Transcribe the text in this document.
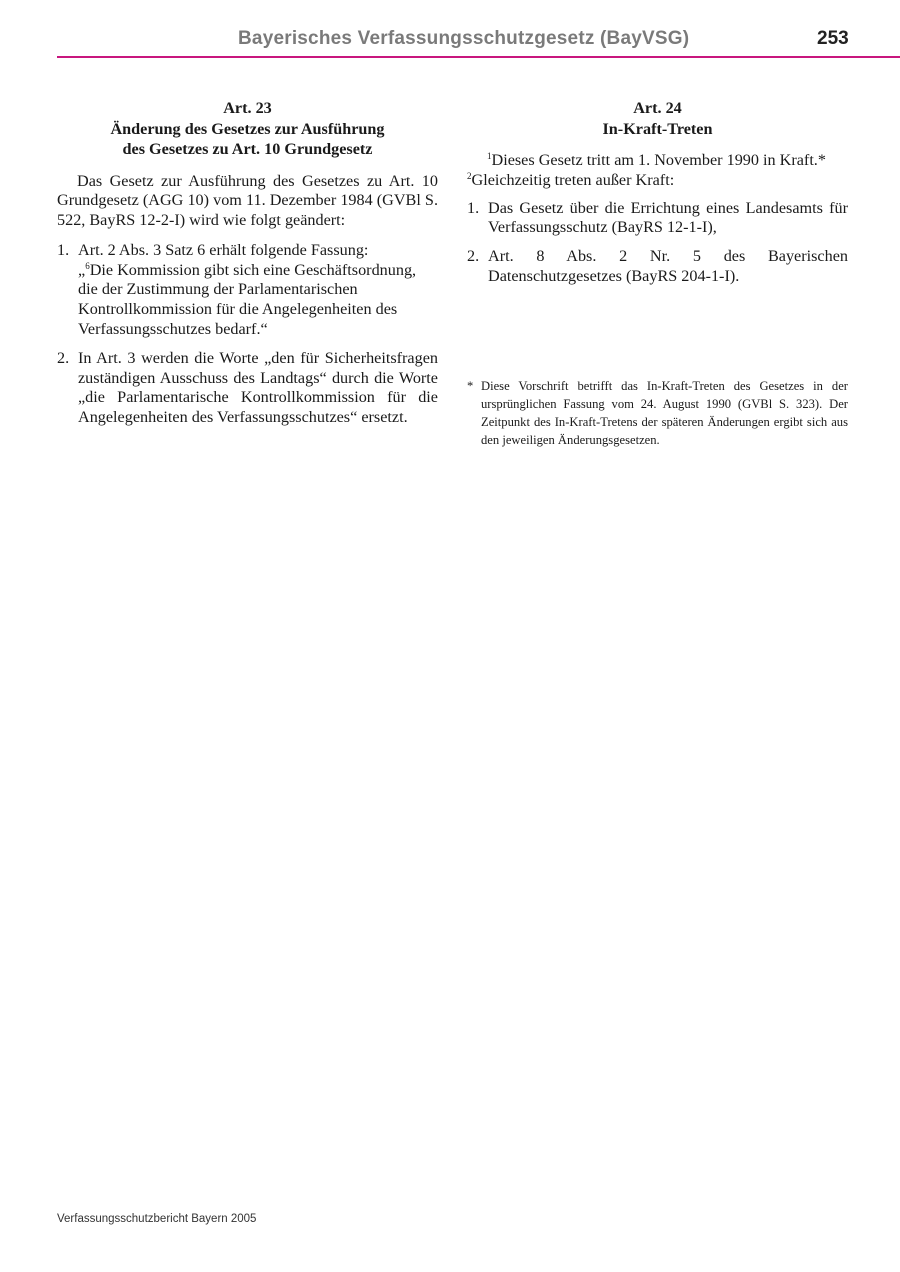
Bayerisches Verfassungsschutzgesetz (BayVSG)	253
Art. 23
Änderung des Gesetzes zur Ausführung
des Gesetzes zu Art. 10 Grundgesetz

Das Gesetz zur Ausführung des Gesetzes zu Art. 10 Grundgesetz (AGG 10) vom 11. Dezember 1984 (GVBl S. 522, BayRS 12-2-I) wird wie folgt geändert:

1. Art. 2 Abs. 3 Satz 6 erhält folgende Fassung:
„$^6$Die Kommission gibt sich eine Geschäftsordnung, die der Zustimmung der Parlamentarischen Kontrollkommission für die Angelegenheiten des Verfassungsschutzes bedarf.“
2. In Art. 3 werden die Worte „den für Sicherheitsfragen zuständigen Ausschuss des Landtags“ durch die Worte „die Parlamentarische Kontrollkommission für die Angelegenheiten des Verfassungsschutzes“ ersetzt.
Art. 24
In-Kraft-Treten
$^1$Dieses Gesetz tritt am 1. November 1990 in Kraft.*
$^2$Gleichzeitig treten außer Kraft:
1. Das Gesetz über die Errichtung eines Landesamts für Verfassungsschutz (BayRS 12-1-I),
2. Art. 8 Abs. 2 Nr. 5 des Bayerischen Datenschutzgesetzes (BayRS 204-1-I).
* Diese Vorschrift betrifft das In-Kraft-Treten des Gesetzes in der ursprünglichen Fassung vom 24. August 1990 (GVBl S. 323). Der Zeitpunkt des In-Kraft-Tretens der späteren Änderungen ergibt sich aus den jeweiligen Änderungsgesetzen.
Verfassungsschutzbericht Bayern 2005
